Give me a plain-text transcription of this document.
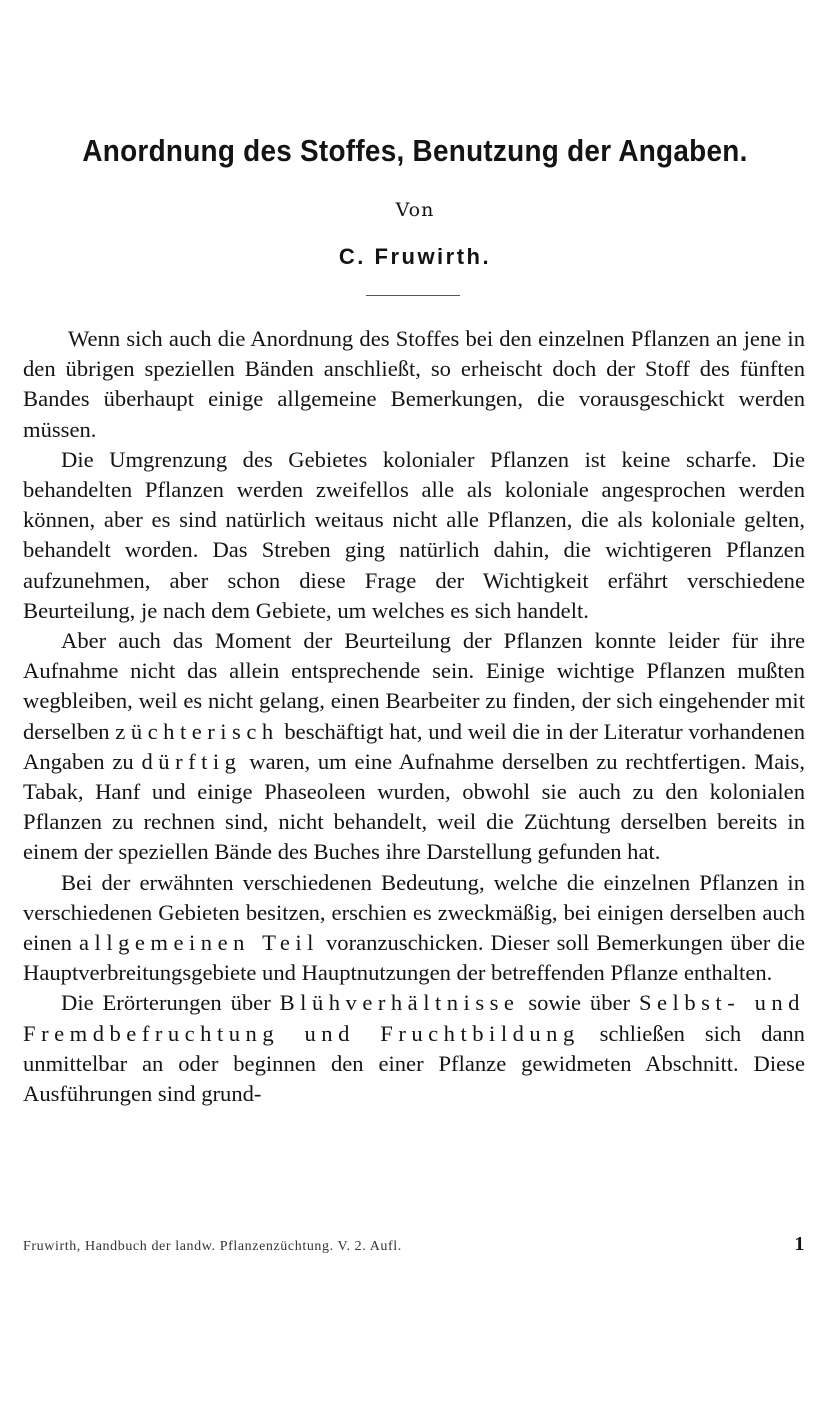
Anordnung des Stoffes, Benutzung der Angaben.
Von
C. Fruwirth.

Wenn sich auch die Anordnung des Stoffes bei den einzelnen Pflanzen an jene in den übrigen speziellen Bänden anschließt, so erheischt doch der Stoff des fünften Bandes überhaupt einige allgemeine Bemerkungen, die vorausgeschickt werden müssen.

Die Umgrenzung des Gebietes kolonialer Pflanzen ist keine scharfe. Die behandelten Pflanzen werden zweifellos alle als koloniale angesprochen werden können, aber es sind natürlich weitaus nicht alle Pflanzen, die als koloniale gelten, behandelt worden. Das Streben ging natürlich dahin, die wichtigeren Pflanzen aufzunehmen, aber schon diese Frage der Wichtigkeit erfährt verschiedene Beurteilung, je nach dem Gebiete, um welches es sich handelt.

Aber auch das Moment der Beurteilung der Pflanzen konnte leider für ihre Aufnahme nicht das allein entsprechende sein. Einige wichtige Pflanzen mußten wegbleiben, weil es nicht gelang, einen Bearbeiter zu finden, der sich eingehender mit derselben züchterisch beschäftigt hat, und weil die in der Literatur vorhandenen Angaben zu dürftig waren, um eine Aufnahme derselben zu rechtfertigen. Mais, Tabak, Hanf und einige Phaseoleen wurden, obwohl sie auch zu den kolonialen Pflanzen zu rechnen sind, nicht behandelt, weil die Züchtung derselben bereits in einem der speziellen Bände des Buches ihre Darstellung gefunden hat.

Bei der erwähnten verschiedenen Bedeutung, welche die einzelnen Pflanzen in verschiedenen Gebieten besitzen, erschien es zweckmäßig, bei einigen derselben auch einen allgemeinen Teil voranzuschicken. Dieser soll Bemerkungen über die Hauptverbreitungsgebiete und Hauptnutzungen der betreffenden Pflanze enthalten.

Die Erörterungen über Blühverhältnisse sowie über Selbst- und Fremdbefruchtung und Fruchtbildung schließen sich dann unmittelbar an oder beginnen den einer Pflanze gewidmeten Abschnitt. Diese Ausführungen sind grund-

Fruwirth, Handbuch der landw. Pflanzenzüchtung. V. 2. Aufl.	1
